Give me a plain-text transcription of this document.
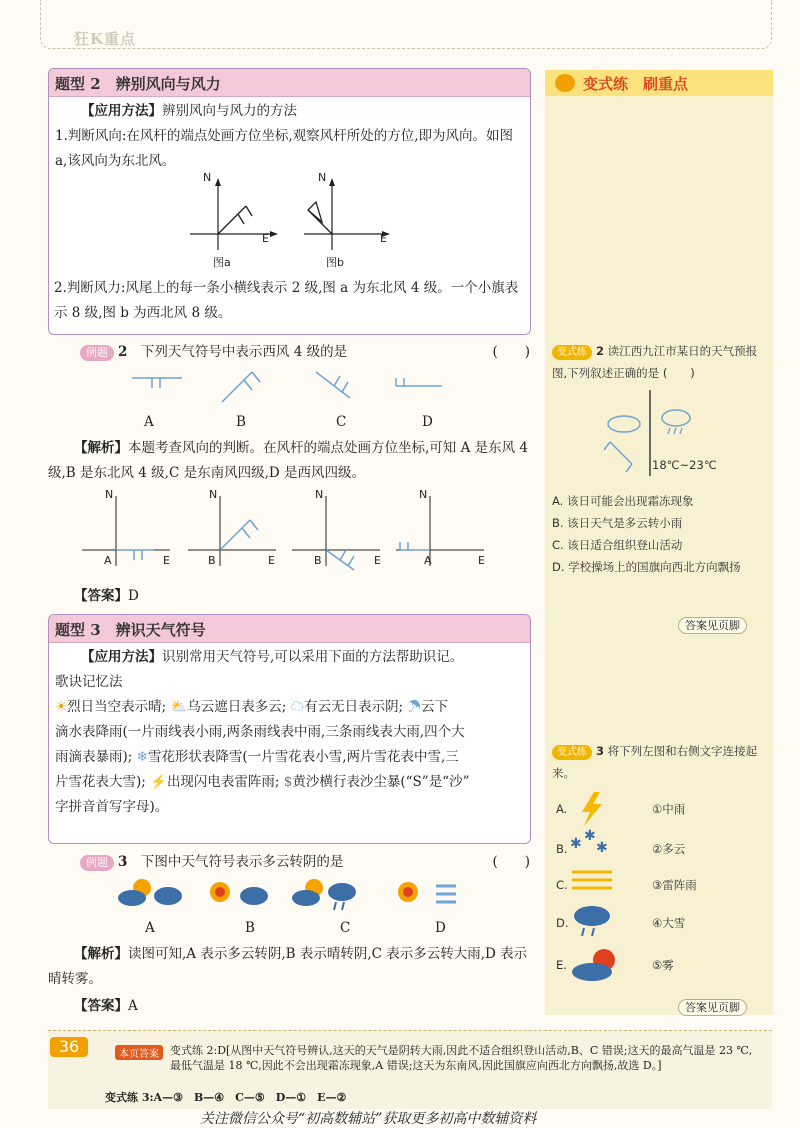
狂K重点
题型 2　辨别风向与风力
【应用方法】辨别风向与风力的方法
1.判断风向:在风杆的端点处画方位坐标,观察风杆所处的方位,即为风向。如图 a,该风向为东北风。
N
E
N
E
图a	图b
2.判断风力:风尾上的每一条小横线表示 2 级,图 a 为东北风 4 级。一个小旗表示 8 级,图 b 为西北风 8 级。
例题 2　 下列天气符号中表示西风 4 级的是	(　　)
A	B	C	D
【解析】本题考查风向的判断。在风杆的端点处画方位坐标,可知 A 是东风 4 级,B 是东北风 4 级,C 是东南风四级,D 是西风四级。
N
E
A
N
E
B
N
E
B
N
E
A
【答案】D
题型 3　辨识天气符号
【应用方法】识别常用天气符号,可以采用下面的方法帮助识记。
歌诀记忆法
☀烈日当空表示晴; ⛅乌云遮日表多云; ☁有云无日表示阴; ☂云下
滴水表降雨(一片雨线表小雨,两条雨线表中雨,三条雨线表大雨,四个大
雨滴表暴雨); ❄雪花形状表降雪(一片雪花表小雪,两片雪花表中雪,三
片雪花表大雪); ⚡出现闪电表雷阵雨; $黄沙横行表沙尘暴(“S”是“沙”
字拼音首写字母)。
例题 3　 下图中天气符号表示多云转阴的是	(　　)
A	B	C	D
【解析】读图可知,A 表示多云转阴,B 表示晴转阴,C 表示多云转大雨,D 表示晴转雾。
【答案】A
变式练　刷重点
变式练 2 读江西九江市某日的天气预报图,下列叙述正确的是 (　　)
18℃~23℃
A. 该日可能会出现霜冻现象
B. 该日天气是多云转小雨
C. 该日适合组织登山活动
D. 学校操场上的国旗向西北方向飘扬
答案见页脚
变式练 3 将下列左图和右侧文字连接起来。
A.
B.
C.
D.
E.
✱ ✱
✱
①中雨
②多云
③雷阵雨
④大雪
⑤雾
答案见页脚
36	本页答案	变式练 2:D[从图中天气符号辨认,这天的天气是阴转大雨,因此不适合组织登山活动,B、C 错误;这天的最高气温是 23 ℃,最低气温是 18 ℃,因此不会出现霜冻现象,A 错误;这天为东南风,因此国旗应向西北方向飘扬,故选 D。]
变式练 3:A—③　B—④　C—⑤　D—①　E—②
关注微信公众号“初高数辅站”获取更多初高中数辅资料
